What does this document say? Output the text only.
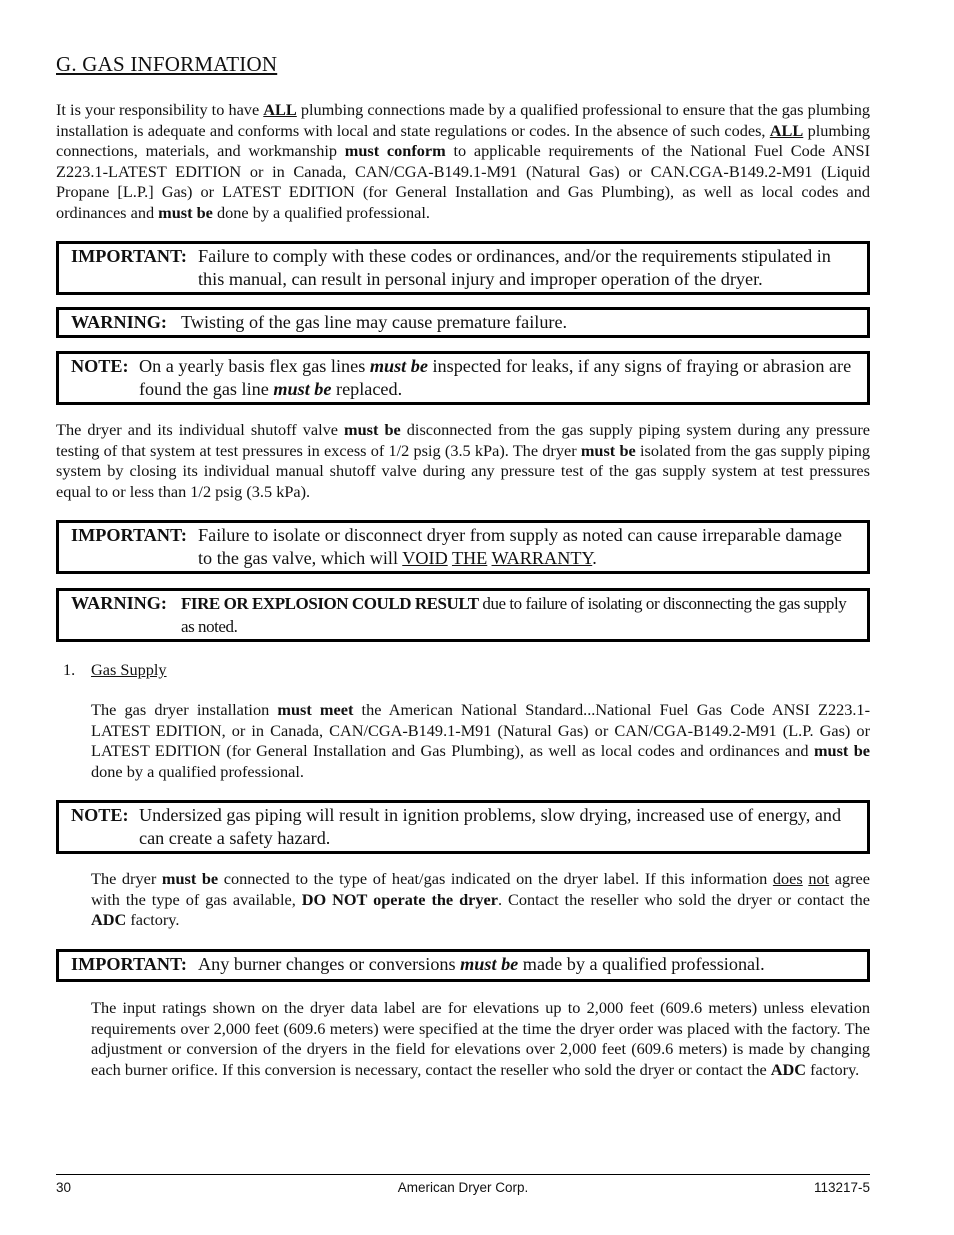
G. GAS INFORMATION
It is your responsibility to have ALL plumbing connections made by a qualified professional to ensure that the gas plumbing installation is adequate and conforms with local and state regulations or codes. In the absence of such codes, ALL plumbing connections, materials, and workmanship must conform to applicable requirements of the National Fuel Code ANSI Z223.1-LATEST EDITION or in Canada, CAN/CGA-B149.1-M91 (Natural Gas) or CAN.CGA-B149.2-M91 (Liquid Propane [L.P.] Gas) or LATEST EDITION (for General Installation and Gas Plumbing), as well as local codes and ordinances and must be done by a qualified professional.
IMPORTANT: Failure to comply with these codes or ordinances, and/or the requirements stipulated in this manual, can result in personal injury and improper operation of the dryer.
WARNING: Twisting of the gas line may cause premature failure.
NOTE: On a yearly basis flex gas lines must be inspected for leaks, if any signs of fraying or abrasion are found the gas line must be replaced.
The dryer and its individual shutoff valve must be disconnected from the gas supply piping system during any pressure testing of that system at test pressures in excess of 1/2 psig (3.5 kPa). The dryer must be isolated from the gas supply piping system by closing its individual manual shutoff valve during any pressure test of the gas supply system at test pressures equal to or less than 1/2 psig (3.5 kPa).
IMPORTANT: Failure to isolate or disconnect dryer from supply as noted can cause irreparable damage to the gas valve, which will VOID THE WARRANTY.
WARNING: FIRE OR EXPLOSION COULD RESULT due to failure of isolating or disconnecting the gas supply as noted.
1. Gas Supply
The gas dryer installation must meet the American National Standard...National Fuel Gas Code ANSI Z223.1-LATEST EDITION, or in Canada, CAN/CGA-B149.1-M91 (Natural Gas) or CAN/CGA-B149.2-M91 (L.P. Gas) or LATEST EDITION (for General Installation and Gas Plumbing), as well as local codes and ordinances and must be done by a qualified professional.
NOTE: Undersized gas piping will result in ignition problems, slow drying, increased use of energy, and can create a safety hazard.
The dryer must be connected to the type of heat/gas indicated on the dryer label. If this information does not agree with the type of gas available, DO NOT operate the dryer. Contact the reseller who sold the dryer or contact the ADC factory.
IMPORTANT: Any burner changes or conversions must be made by a qualified professional.
The input ratings shown on the dryer data label are for elevations up to 2,000 feet (609.6 meters) unless elevation requirements over 2,000 feet (609.6 meters) were specified at the time the dryer order was placed with the factory. The adjustment or conversion of the dryers in the field for elevations over 2,000 feet (609.6 meters) is made by changing each burner orifice. If this conversion is necessary, contact the reseller who sold the dryer or contact the ADC factory.
30	American Dryer Corp.	113217-5
